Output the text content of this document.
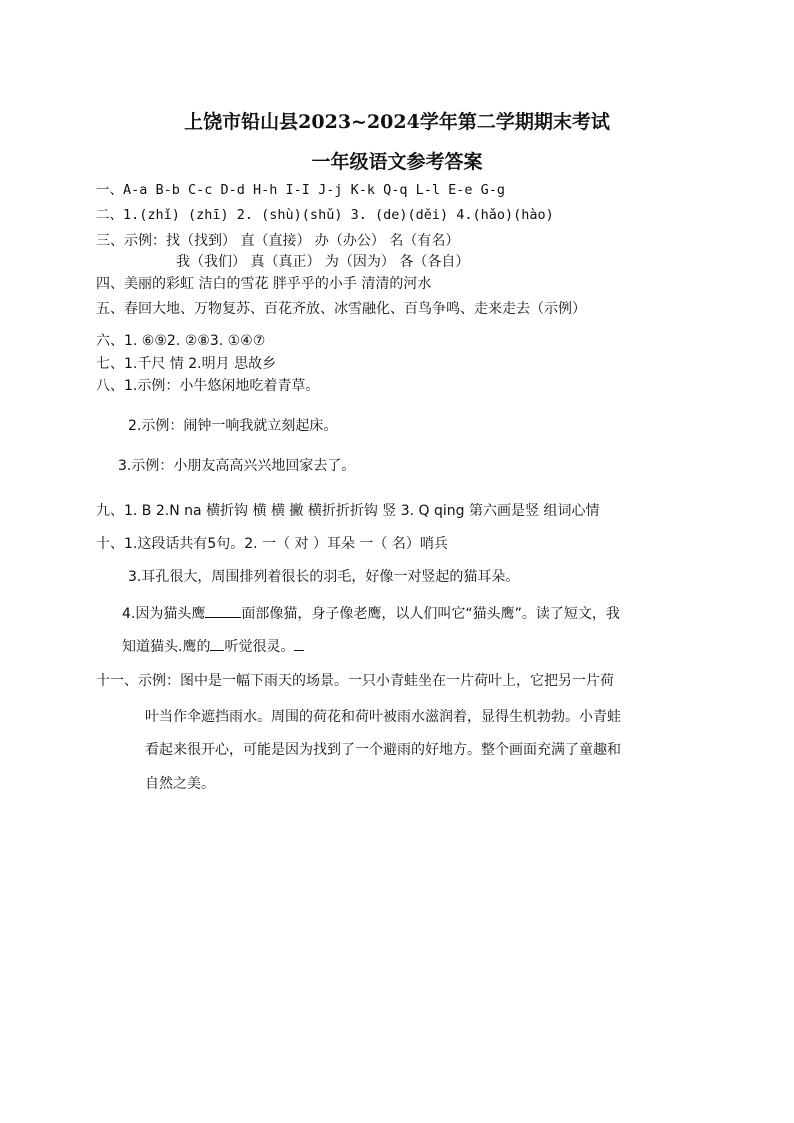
上饶市铅山县2023~2024学年第二学期期末考试
一年级语文参考答案
一、A-a B-b C-c D-d H-h I-I J-j K-k Q-q L-l E-e G-g
二、1.(zhǐ) (zhī) 2. (shù)(shǔ) 3. (de)(děi) 4.(hǎo)(hào)
三、示例：找（找到） 直（直接） 办（办公） 名（有名）
我（我们） 真（真正） 为（因为） 各（各自）
四、美丽的彩虹 洁白的雪花 胖乎乎的小手 清清的河水
五、春回大地、万物复苏、百花齐放、冰雪融化、百鸟争鸣、走来走去（示例）
六、1. ⑥⑨2. ②⑧3. ①④⑦
七、1.千尺 情 2.明月 思故乡
八、1.示例：小牛悠闲地吃着青草。
2.示例：闹钟一响我就立刻起床。
3.示例：小朋友高高兴兴地回家去了。
九、1. B 2.N na 横折钩 横 横 撇 横折折折钩 竖 3. Q qing 第六画是竖 组词心情
十、1.这段话共有5句。2. 一（ 对 ）耳朵 一（ 名）哨兵
3.耳孔很大，周围排列着很长的羽毛，好像一对竖起的猫耳朵。
4.因为猫头鹰	面部像猫，身子像老鹰，以人们叫它“猫头鹰”。读了短文，我
知道猫头.鹰的 听觉很灵。
十一、示例：图中是一幅下雨天的场景。一只小青蛙坐在一片荷叶上，它把另一片荷
叶当作伞遮挡雨水。周围的荷花和荷叶被雨水滋润着，显得生机勃勃。小青蛙
看起来很开心，可能是因为找到了一个避雨的好地方。整个画面充满了童趣和
自然之美。
